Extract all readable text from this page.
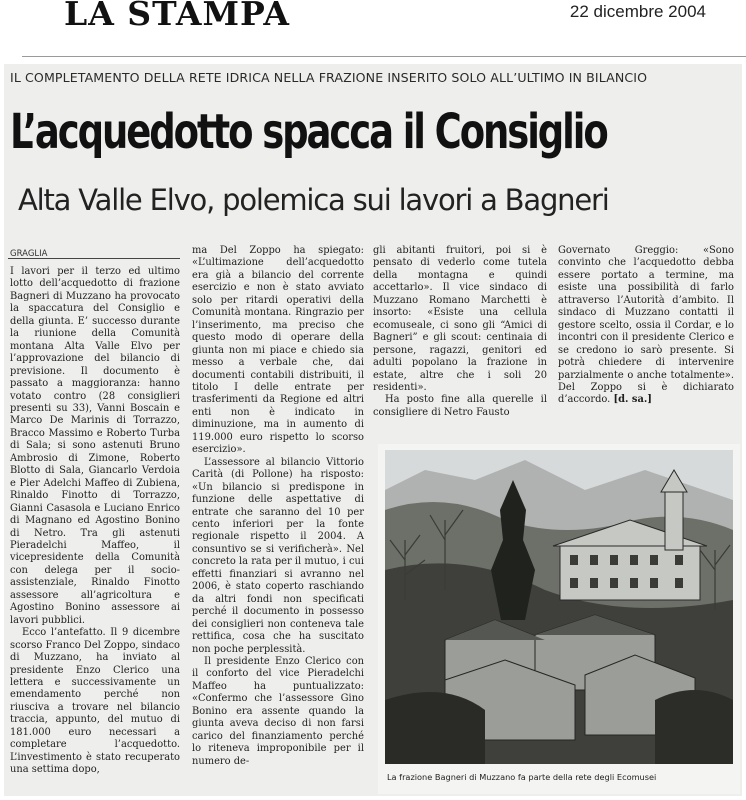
LA STAMPA	22 dicembre 2004
IL COMPLETAMENTO DELLA RETE IDRICA NELLA FRAZIONE INSERITO SOLO ALL’ULTIMO IN BILANCIO
L’acquedotto spacca il Consiglio
Alta Valle Elvo, polemica sui lavori a Bagneri
GRAGLIA

I lavori per il terzo ed ultimo lotto dell’acquedotto di frazione Bagneri di Muzzano ha provocato la spaccatura del Consiglio e della giunta. E’ successo durante la riunione della Comunità montana Alta Valle Elvo per l’approvazione del bilancio di previsione. Il documento è passato a maggioranza: hanno votato contro (28 consiglieri presenti su 33), Vanni Boscain e Marco De Marinis di Torrazzo, Bracco Massimo e Roberto Turba di Sala; si sono astenuti Bruno Ambrosio di Zimone, Roberto Blotto di Sala, Giancarlo Verdoia e Pier Adelchi Maffeo di Zubiena, Rinaldo Finotto di Torrazzo, Gianni Casasola e Luciano Enrico di Magnano ed Agostino Bonino di Netro. Tra gli astenuti Pieradelchi Maffeo, il vicepresidente della Comunità con delega per il socio-assistenziale, Rinaldo Finotto assessore all’agricoltura e Agostino Bonino assessore ai lavori pubblici.

Ecco l’antefatto. Il 9 dicembre scorso Franco Del Zoppo, sindaco di Muzzano, ha inviato al presidente Enzo Clerico una lettera e successivamente un emendamento perché non riusciva a trovare nel bilancio traccia, appunto, del mutuo di 181.000 euro necessari a completare l’acquedotto. L’investimento è stato recuperato una settima dopo,

ma Del Zoppo ha spiegato: «L’ultimazione dell’acquedotto era già a bilancio del corrente esercizio e non è stato avviato solo per ritardi operativi della Comunità montana. Ringrazio per l’inserimento, ma preciso che questo modo di operare della giunta non mi piace e chiedo sia messo a verbale che, dai documenti contabili distribuiti, il titolo I delle entrate per trasferimenti da Regione ed altri enti non è indicato in diminuzione, ma in aumento di 119.000 euro rispetto lo scorso esercizio».

L’assessore al bilancio Vittorio Carità (di Pollone) ha risposto: «Un bilancio si predispone in funzione delle aspettative di entrate che saranno del 10 per cento inferiori per la fonte regionale rispetto il 2004. A consuntivo se si verificherà». Nel concreto la rata per il mutuo, i cui effetti finanziari si avranno nel 2006, è stato coperto raschiando da altri fondi non specificati perché il documento in possesso dei consiglieri non conteneva tale rettifica, cosa che ha suscitato non poche perplessità.

Il presidente Enzo Clerico con il conforto del vice Pieradelchi Maffeo ha puntualizzato: «Confermo che l’assessore Gino Bonino era assente quando la giunta aveva deciso di non farsi carico del finanziamento perché lo riteneva improponibile per il numero de-

gli abitanti fruitori, poi si è pensato di vederlo come tutela della montagna e quindi accettarlo». Il vice sindaco di Muzzano Romano Marchetti è insorto: «Esiste una cellula ecomuseale, ci sono gli “Amici di Bagneri” e gli scout: centinaia di persone, ragazzi, genitori ed adulti popolano la frazione in estate, altre che i soli 20 residenti».

Ha posto fine alla querelle il consigliere di Netro Fausto

Governato Greggio: «Sono convinto che l’acquedotto debba essere portato a termine, ma esiste una possibilità di farlo attraverso l’Autorità d’ambito. Il sindaco di Muzzano contatti il gestore scelto, ossia il Cordar, e lo incontri con il presidente Clerico e se credono io sarò presente. Si potrà chiedere di intervenire parzialmente o anche totalmente». Del Zoppo si è dichiarato d’accordo. [d. sa.]

La frazione Bagneri di Muzzano fa parte della rete degli Ecomusei
